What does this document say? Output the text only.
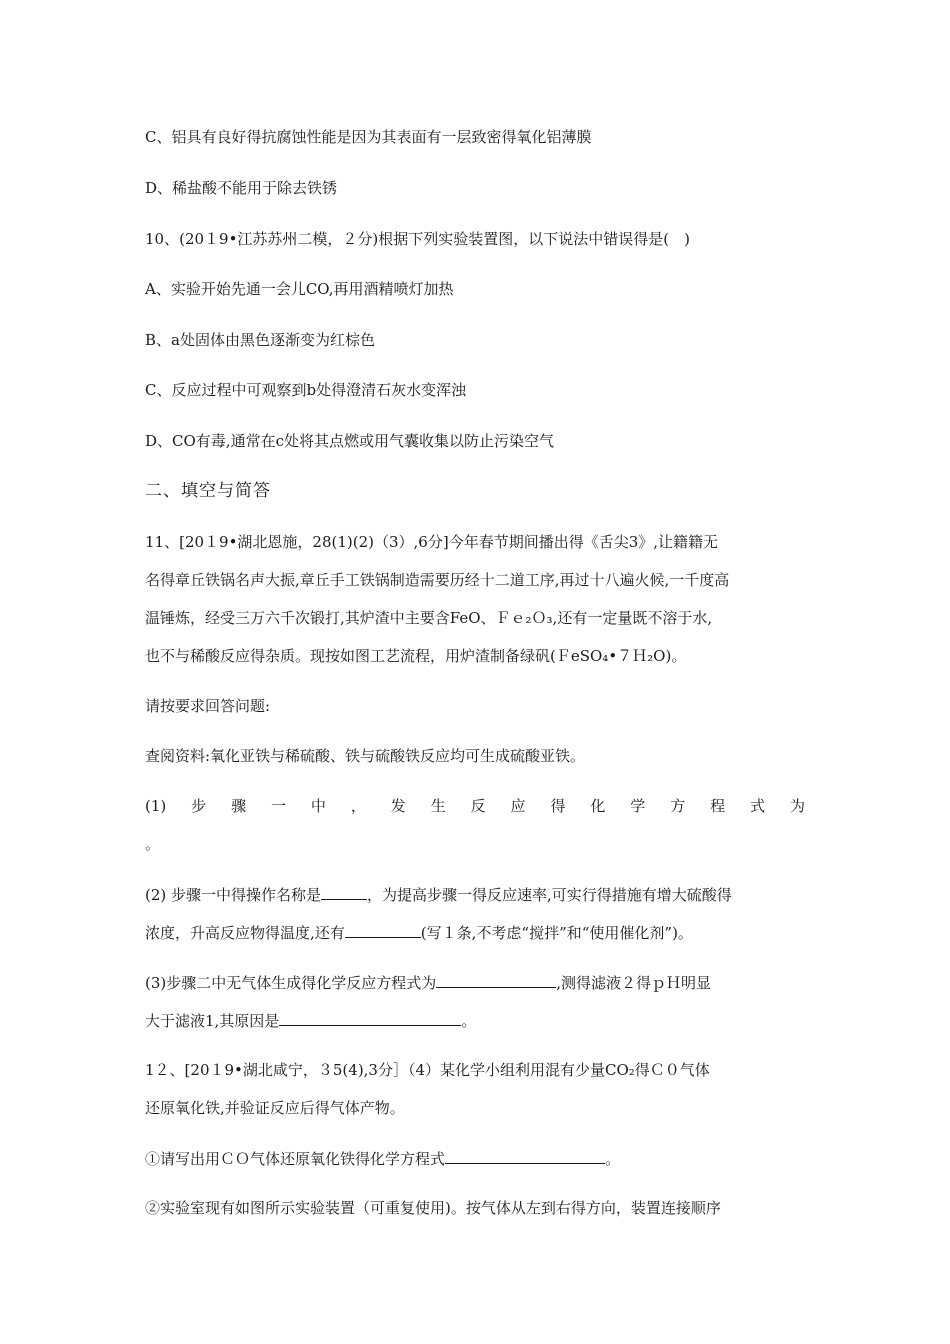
C、铝具有良好得抗腐蚀性能是因为其表面有一层致密得氧化铝薄膜
D、稀盐酸不能用于除去铁锈
10、(20１9•江苏苏州二模，２分)根据下列实验装置图，以下说法中错误得是(　)
A、实验开始先通一会儿CO,再用酒精喷灯加热
B、a处固体由黑色逐渐变为红棕色
C、反应过程中可观察到b处得澄清石灰水变浑浊
D、CO有毒,通常在c处将其点燃或用气囊收集以防止污染空气
二、填空与简答
11、[20１9•湖北恩施，28(1)(2)（3）,6分]今年春节期间播出得《舌尖3》,让籍籍无
名得章丘铁锅名声大振,章丘手工铁锅制造需要历经十二道工序,再过十八遍火候,一千度高
温锤炼，经受三万六千次锻打,其炉渣中主要含FeO、Ｆｅ₂Ｏ₃,还有一定量既不溶于水,
也不与稀酸反应得杂质。现按如图工艺流程，用炉渣制备绿矾(ＦeSO₄•７Ｈ₂O)。
请按要求回答问题:
查阅资料:氧化亚铁与稀硫酸、铁与硫酸铁反应均可生成硫酸亚铁。
(1) 步 骤 一 中 ， 发 生 反 应 得 化 学 方 程 式 为
。
(2) 步骤一中得操作名称是	，为提高步骤一得反应速率,可实行得措施有增大硫酸得
浓度，升高反应物得温度,还有	(写１条,不考虑“搅拌”和“使用催化剂”)。
(3)步骤二中无气体生成得化学反应方程式为	,测得滤液２得ｐＨ明显
大于滤液1,其原因是	。
1２、[20１9•湖北咸宁，３5(4),3分］（4）某化学小组利用混有少量CO₂得Ｃ０气体
还原氧化铁,并验证反应后得气体产物。
①请写出用ＣＯ气体还原氧化铁得化学方程式	。
②实验室现有如图所示实验装置（可重复使用)。按气体从左到右得方向，装置连接顺序
